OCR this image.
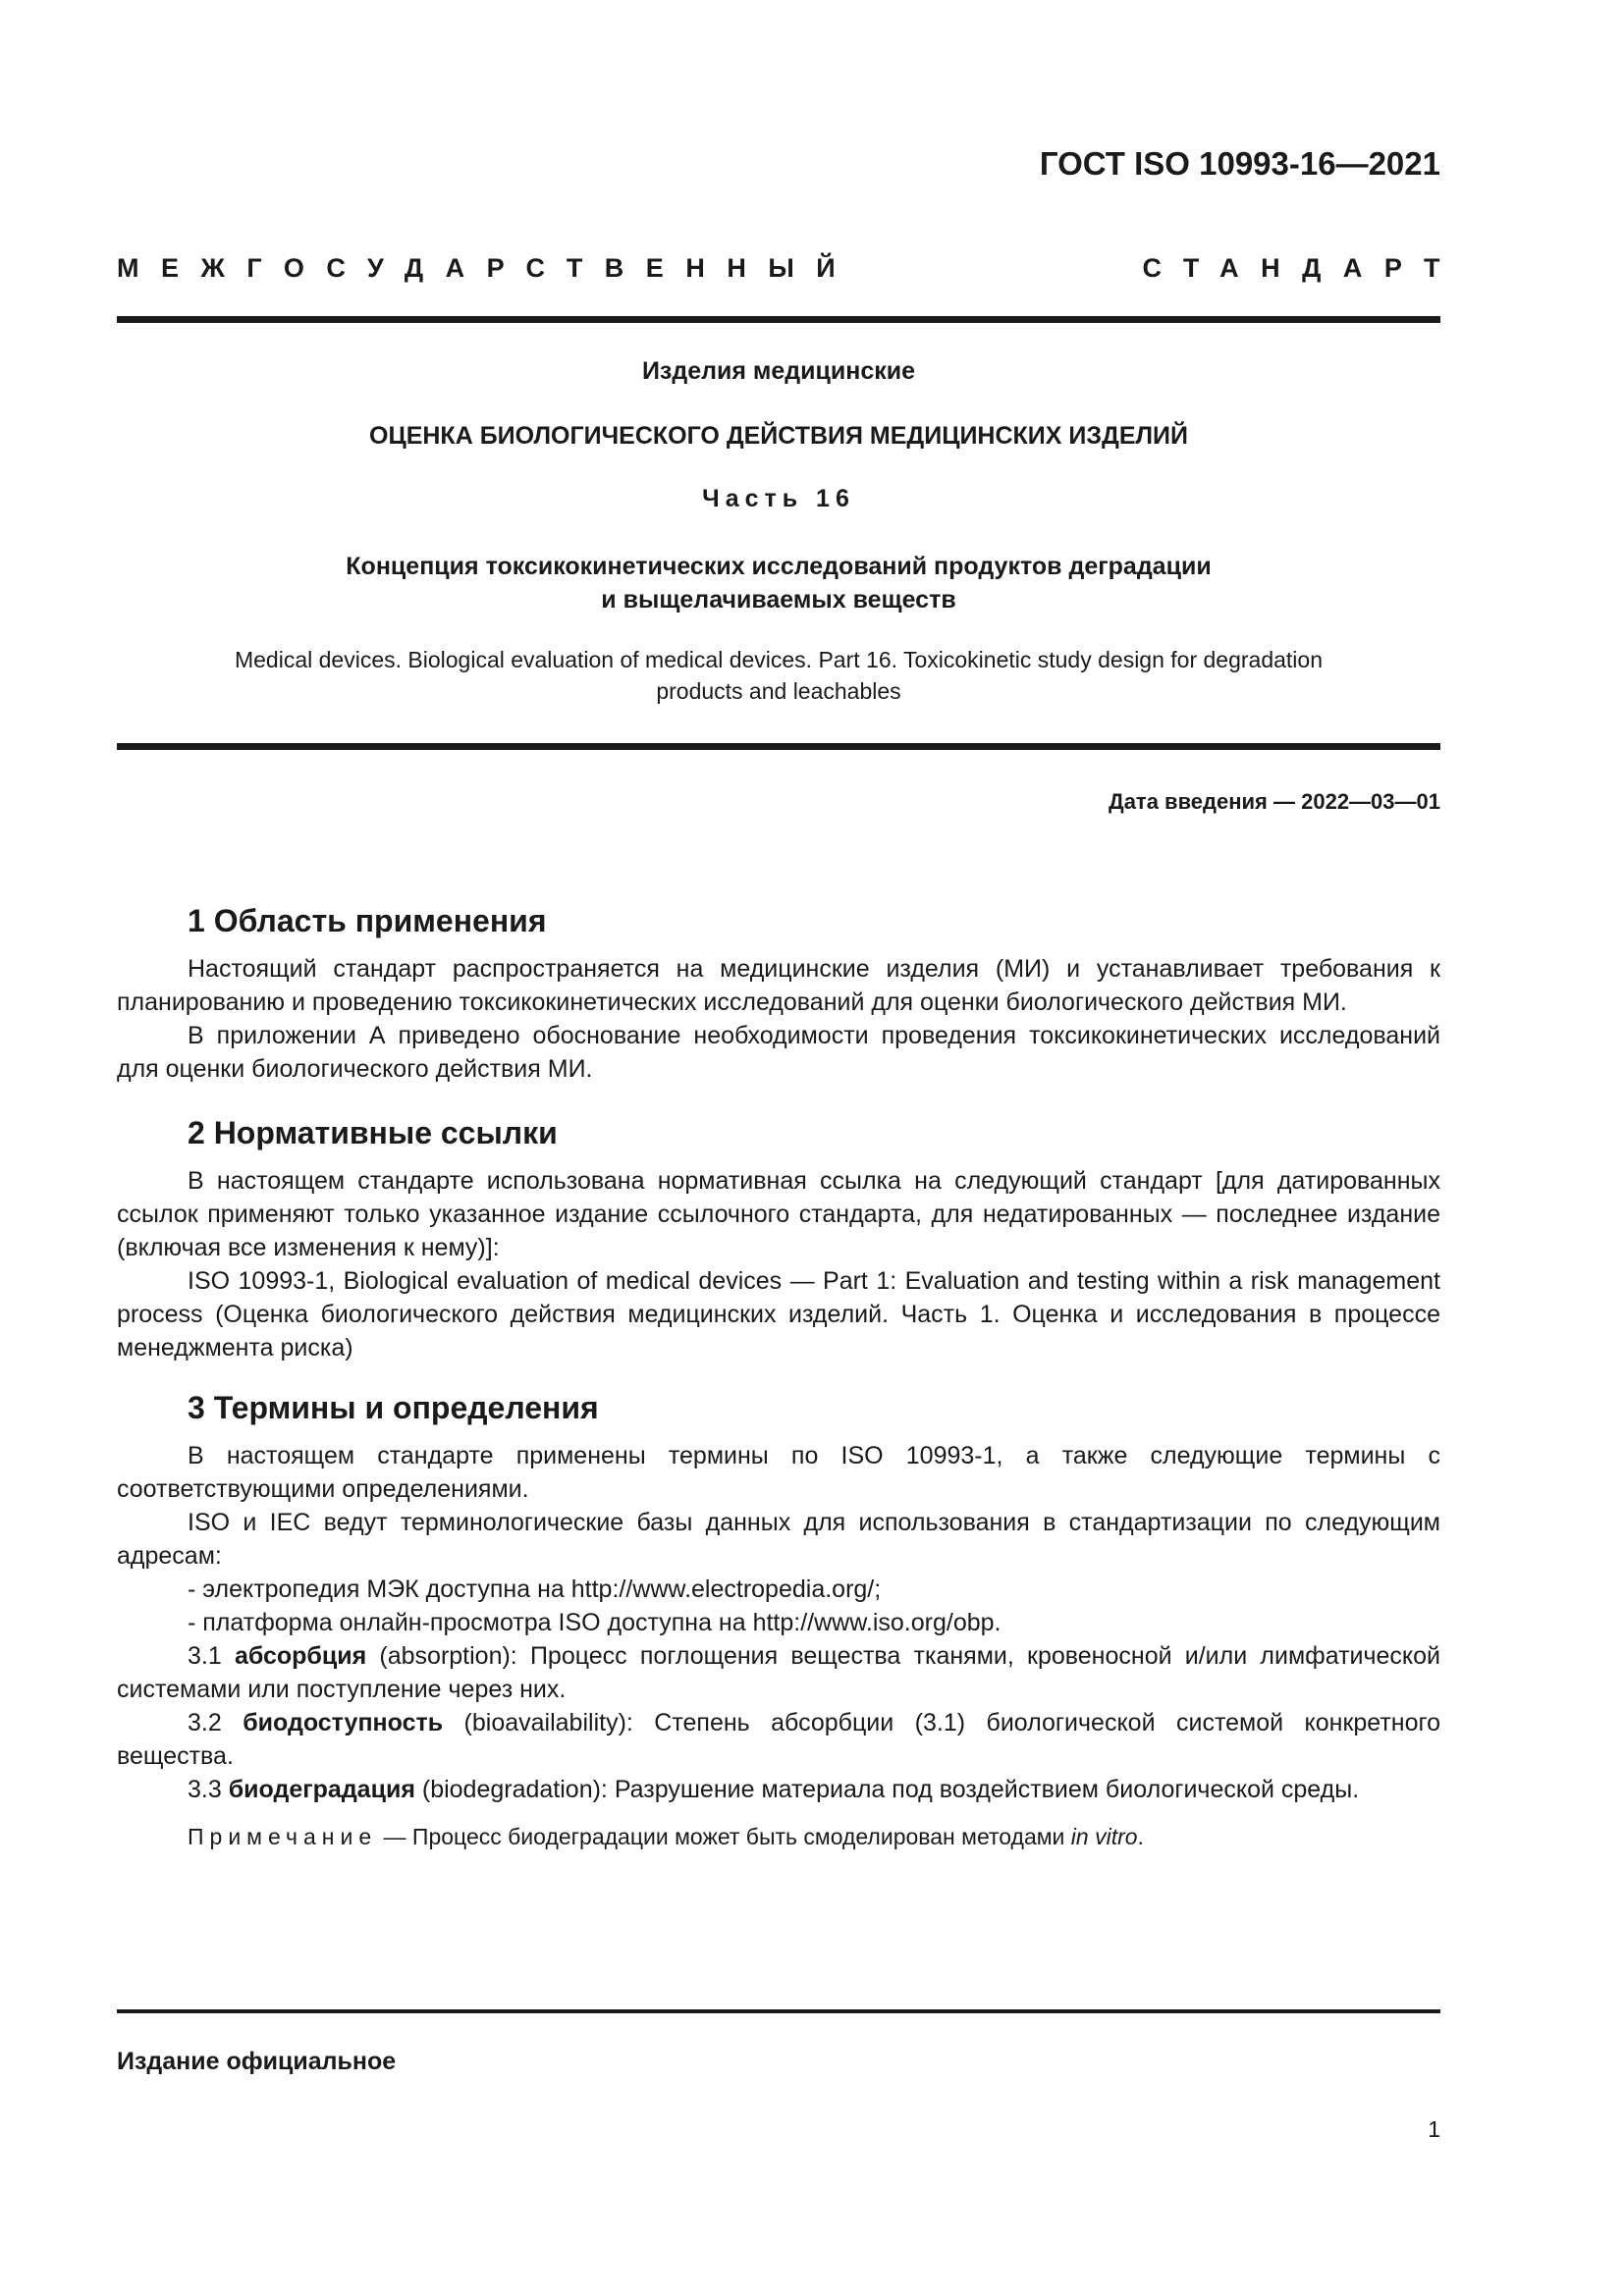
ГОСТ ISO 10993-16—2021
МЕЖГОСУДАРСТВЕННЫЙ	СТАНДАРТ
Изделия медицинские
ОЦЕНКА БИОЛОГИЧЕСКОГО ДЕЙСТВИЯ МЕДИЦИНСКИХ ИЗДЕЛИЙ
Часть 16
Концепция токсикокинетических исследований продуктов деградации
и выщелачиваемых веществ
Medical devices. Biological evaluation of medical devices. Part 16. Toxicokinetic study design for degradation
products and leachables
Дата введения — 2022—03—01
1 Область применения

Настоящий стандарт распространяется на медицинские изделия (МИ) и устанавливает требования к планированию и проведению токсикокинетических исследований для оценки биологического действия МИ.

В приложении А приведено обоснование необходимости проведения токсикокинетических исследований для оценки биологического действия МИ.

2 Нормативные ссылки

В настоящем стандарте использована нормативная ссылка на следующий стандарт [для датированных ссылок применяют только указанное издание ссылочного стандарта, для недатированных — последнее издание (включая все изменения к нему)]:

ISO 10993-1, Biological evaluation of medical devices — Part 1: Evaluation and testing within a risk management process (Оценка биологического действия медицинских изделий. Часть 1. Оценка и исследования в процессе менеджмента риска)

3 Термины и определения

В настоящем стандарте применены термины по ISO 10993-1, а также следующие термины с соответствующими определениями.

ISO и IEC ведут терминологические базы данных для использования в стандартизации по следующим адресам:

- электропедия МЭК доступна на http://www.electropedia.org/;

- платформа онлайн-просмотра ISO доступна на http://www.iso.org/obp.

3.1 абсорбция (absorption): Процесс поглощения вещества тканями, кровеносной и/или лимфатической системами или поступление через них.

3.2 биодоступность (bioavailability): Степень абсорбции (3.1) биологической системой конкретного вещества.

3.3 биодеградация (biodegradation): Разрушение материала под воздействием биологической среды.

Примечание — Процесс биодеградации может быть смоделирован методами in vitro.

Издание официальное
1
